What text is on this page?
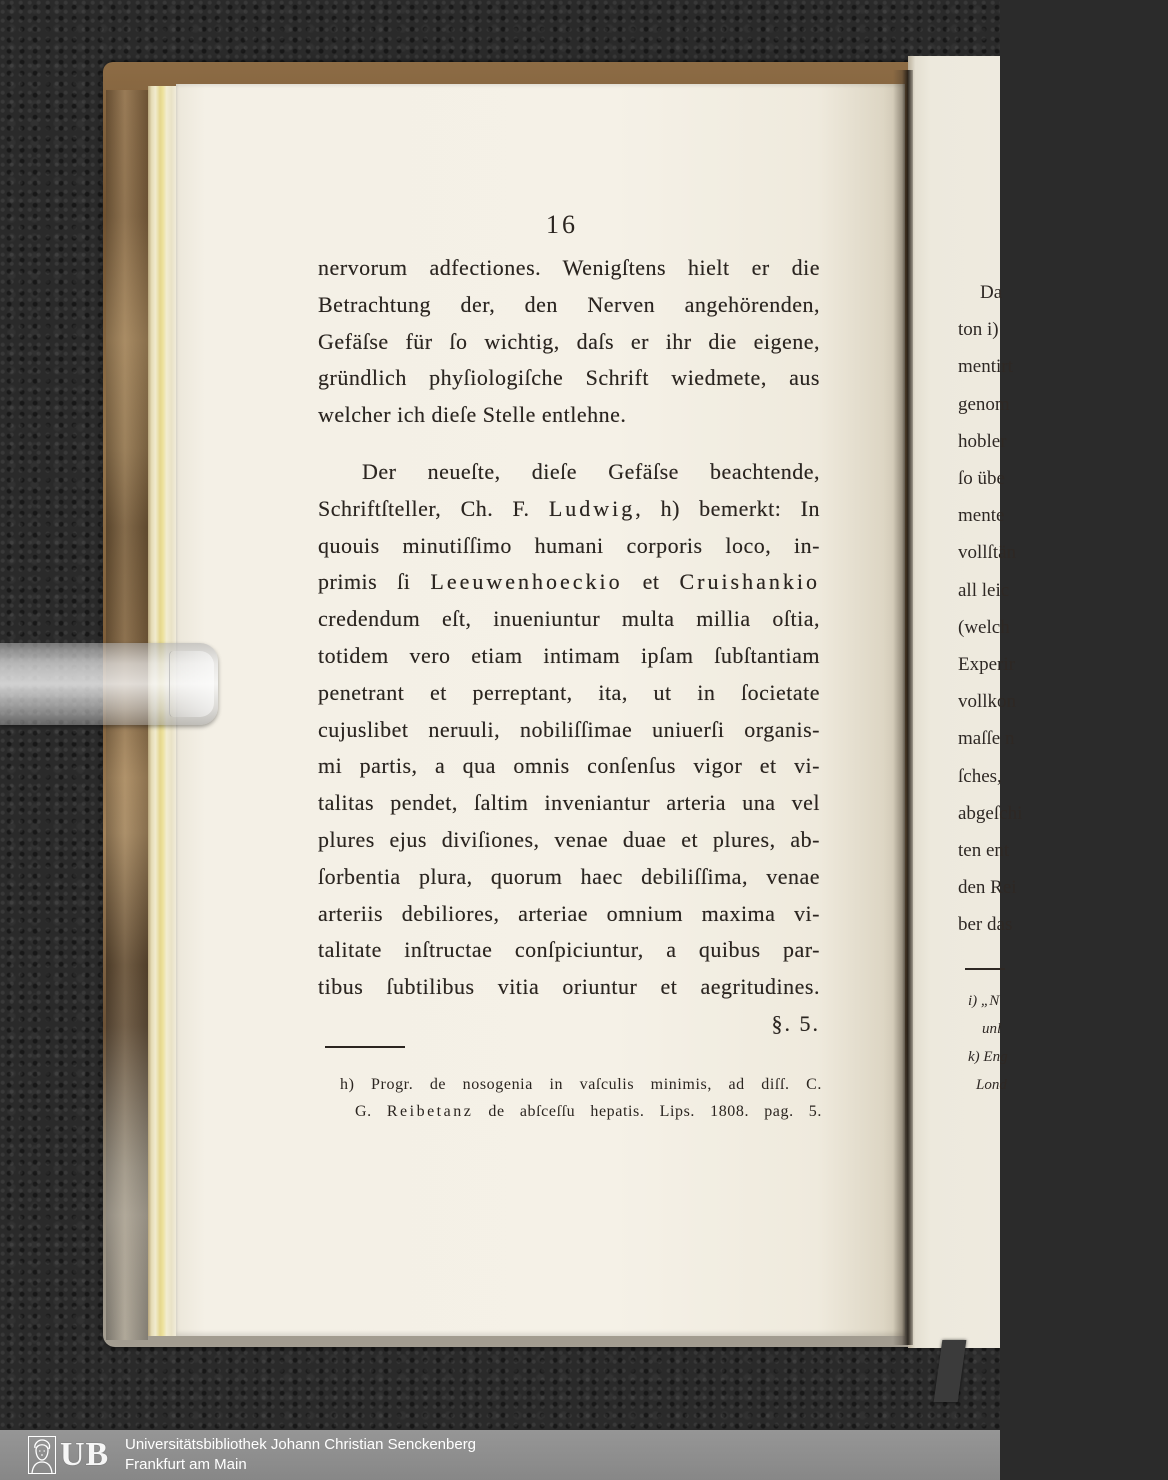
16
nervorum adfectiones. Wenigſtens hielt er die
Betrachtung der, den Nerven angehörenden,
Gefäſse für ſo wichtig, daſs er ihr die eigene,
gründlich phyſiologiſche Schrift wiedmete, aus
welcher ich dieſe Stelle entlehne.
Der neueſte, dieſe Gefäſse beachtende,
Schriftſteller, Ch. F. Ludwig, h) bemerkt: In
quouis minutiſſimo humani corporis loco, in-
primis ſi Leeuwenhoeckio et Cruishankio
credendum eſt, inueniuntur multa millia oſtia,
totidem vero etiam intimam ipſam ſubſtantiam
penetrant et perreptant, ita, ut in ſocietate
cujuslibet neruuli, nobiliſſimae uniuerſi organis-
mi partis, a qua omnis conſenſus vigor et vi-
talitas pendet, ſaltim inveniantur arteria una vel
plures ejus diviſiones, venae duae et plures, ab-
ſorbentia plura, quorum haec debiliſſima, venae
arteriis debiliores, arteriae omnium maxima vi-
talitate inſtructae conſpiciuntur, a quibus par-
tibus ſubtilibus vitia oriuntur et aegritudines.
§. 5.
h) Progr. de nosogenia in vaſculis minimis, ad diſſ. C.
G. Reibetanz de abſceſſu hepatis. Lips. 1808. pag. 5.
Da
ton i)
mentirt
genom
hobler
ſo übe
mente
vollſtän
all leic
(welch
Experir
vollkon
maſſe n
ſches,
abgeſchi
ten ent
den Rei
ber das
i) „N
unl
k) Eng
Lond
UB Universitätsbibliothek Johann Christian Senckenberg
Frankfurt am Main
